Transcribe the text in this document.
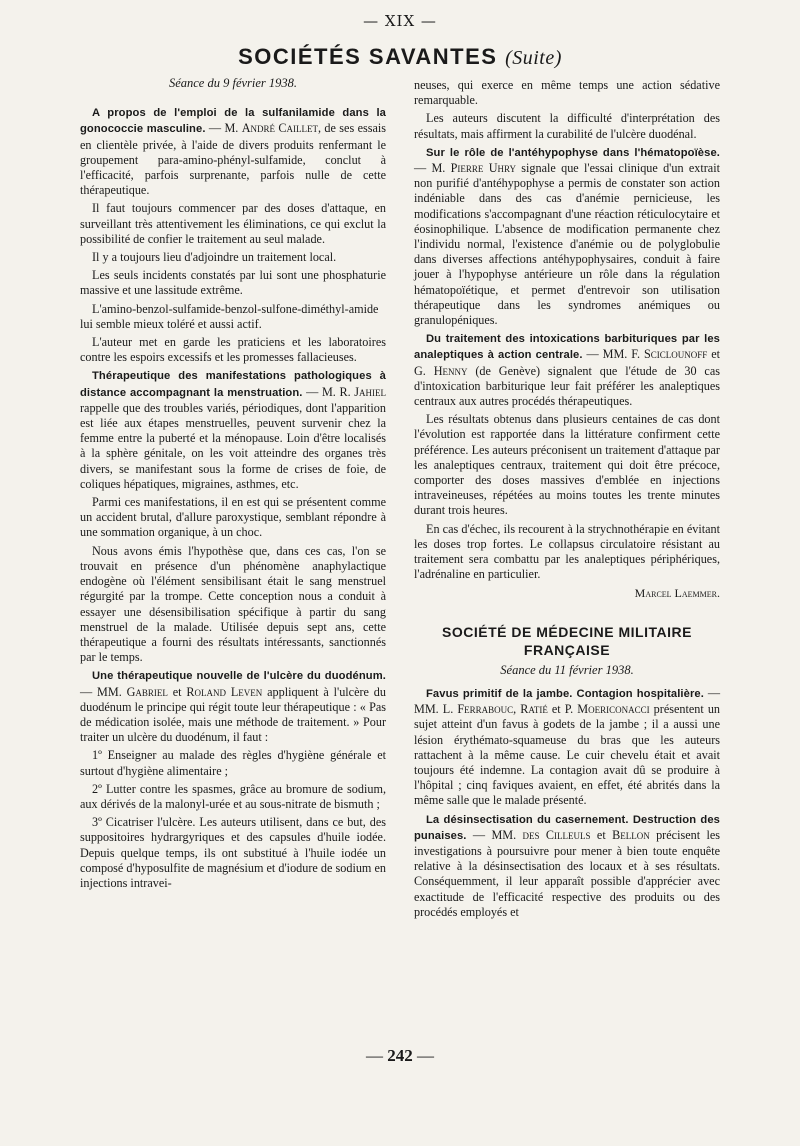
— XIX —
SOCIÉTÉS SAVANTES (Suite)

Séance du 9 février 1938.

A propos de l'emploi de la sulfanilamide dans la gonococcie masculine. — M. André Caillet, de ses essais en clientèle privée, à l'aide de divers produits renfermant le groupement para-amino-phényl-sulfamide, conclut à l'efficacité, parfois surprenante, parfois nulle de cette thérapeutique.

Il faut toujours commencer par des doses d'attaque, en surveillant très attentivement les éliminations, ce qui exclut la possibilité de confier le traitement au seul malade.

Il y a toujours lieu d'adjoindre un traitement local.

Les seuls incidents constatés par lui sont une phosphaturie massive et une lassitude extrême.

L'amino-benzol-sulfamide-benzol-sulfone-diméthyl-amide lui semble mieux toléré et aussi actif.

L'auteur met en garde les praticiens et les laboratoires contre les espoirs excessifs et les promesses fallacieuses.

Thérapeutique des manifestations pathologiques à distance accompagnant la menstruation. — M. R. Jahiel rappelle que des troubles variés, périodiques, dont l'apparition est liée aux étapes menstruelles, peuvent survenir chez la femme entre la puberté et la ménopause. Loin d'être localisés à la sphère génitale, on les voit atteindre des organes très divers, se manifestant sous la forme de crises de foie, de coliques hépatiques, migraines, asthmes, etc.

Parmi ces manifestations, il en est qui se présentent comme un accident brutal, d'allure paroxystique, semblant répondre à une sommation organique, à un choc.

Nous avons émis l'hypothèse que, dans ces cas, l'on se trouvait en présence d'un phénomène anaphylactique endogène où l'élément sensibilisant était le sang menstruel régurgité par la trompe. Cette conception nous a conduit à essayer une désensibilisation spécifique à partir du sang menstruel de la malade. Utilisée depuis sept ans, cette thérapeutique a fourni des résultats intéressants, sanctionnés par le temps.

Une thérapeutique nouvelle de l'ulcère du duodénum. — MM. Gabriel et Roland Leven appliquent à l'ulcère du duodénum le principe qui régit toute leur thérapeutique : « Pas de médication isolée, mais une méthode de traitement. » Pour traiter un ulcère du duodénum, il faut :

1º Enseigner au malade des règles d'hygiène générale et surtout d'hygiène alimentaire ;

2º Lutter contre les spasmes, grâce au bromure de sodium, aux dérivés de la malonyl-urée et au sous-nitrate de bismuth ;

3º Cicatriser l'ulcère. Les auteurs utilisent, dans ce but, des suppositoires hydrargyriques et des capsules d'huile iodée. Depuis quelque temps, ils ont substitué à l'huile iodée un composé d'hyposulfite de magnésium et d'iodure de sodium en injections intravei-

neuses, qui exerce en même temps une action sédative remarquable.

Les auteurs discutent la difficulté d'interprétation des résultats, mais affirment la curabilité de l'ulcère duodénal.

Sur le rôle de l'antéhypophyse dans l'hématopoïèse. — M. Pierre Uhry signale que l'essai clinique d'un extrait non purifié d'antéhypophyse a permis de constater son action indéniable dans des cas d'anémie pernicieuse, les modifications s'accompagnant d'une réaction réticulocytaire et éosinophilique. L'absence de modification permanente chez l'individu normal, l'existence d'anémie ou de polyglobulie dans diverses affections antéhypophysaires, conduit à faire jouer à l'hypophyse antérieure un rôle dans la régulation hématopoïétique, et permet d'entrevoir son utilisation thérapeutique dans les syndromes anémiques ou granulopéniques.

Du traitement des intoxications barbituriques par les analeptiques à action centrale. — MM. F. Sciclounoff et G. Henny (de Genève) signalent que l'étude de 30 cas d'intoxication barbiturique leur fait préférer les analeptiques centraux aux autres procédés thérapeutiques.

Les résultats obtenus dans plusieurs centaines de cas dont l'évolution est rapportée dans la littérature confirment cette préférence. Les auteurs préconisent un traitement d'attaque par les analeptiques centraux, traitement qui doit être précoce, comporter des doses massives d'emblée en injections intraveineuses, répétées au moins toutes les trente minutes durant trois heures.

En cas d'échec, ils recourent à la strychnothérapie en évitant les doses trop fortes. Le collapsus circulatoire résistant au traitement sera combattu par les analeptiques périphériques, l'adrénaline en particulier.

Marcel Laemmer.

SOCIÉTÉ DE MÉDECINE MILITAIRE
FRANÇAISE

Séance du 11 février 1938.

Favus primitif de la jambe. Contagion hospitalière. — MM. L. Ferrabouc, Ratié et P. Moericonacci présentent un sujet atteint d'un favus à godets de la jambe ; il a aussi une lésion érythémato-squameuse du bras que les auteurs rattachent à la même cause. Le cuir chevelu était et avait toujours été indemne. La contagion avait dû se produire à l'hôpital ; cinq faviques avaient, en effet, été abrités dans la même salle que le malade présenté.

La désinsectisation du casernement. Destruction des punaises. — MM. des Cilleuls et Bellon précisent les investigations à poursuivre pour mener à bien toute enquête relative à la désinsectisation des locaux et à ses résultats. Conséquemment, il leur apparaît possible d'apprécier avec exactitude de l'efficacité respective des produits ou des procédés employés et

— 242 —
